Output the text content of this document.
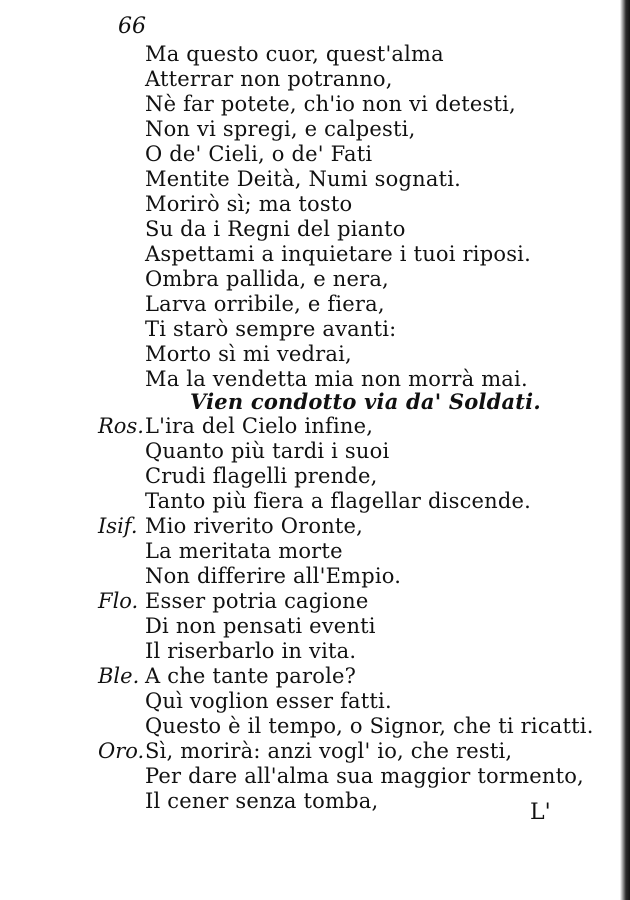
66
Ma questo cuor, quest'alma
Atterrar non potranno,
Nè far potete, ch'io non vi detesti,
Non vi spregi, e calpesti,
O de' Cieli, o de' Fati
Mentite Deità, Numi sognati.
Morirò sì; ma tosto
Su da i Regni del pianto
Aspettami a inquietare i tuoi riposi.
Ombra pallida, e nera,
Larva orribile, e fiera,
Ti starò sempre avanti:
Morto sì mi vedrai,
Ma la vendetta mia non morrà mai.
Vien condotto via da' Soldati.
Ros. L'ira del Cielo infine,
Quanto più tardi i suoi
Crudi flagelli prende,
Tanto più fiera a flagellar discende.
Isif. Mio riverito Oronte,
La meritata morte
Non differire all'Empio.
Flo. Esser potria cagione
Di non pensati eventi
Il riserbarlo in vita.
Ble. A che tante parole?
Quì voglion esser fatti.
Questo è il tempo, o Signor, che ti ricatti.
Oro. Sì, morirà: anzi vogl' io, che resti,
Per dare all'alma sua maggior tormento,
Il cener senza tomba,	L'
